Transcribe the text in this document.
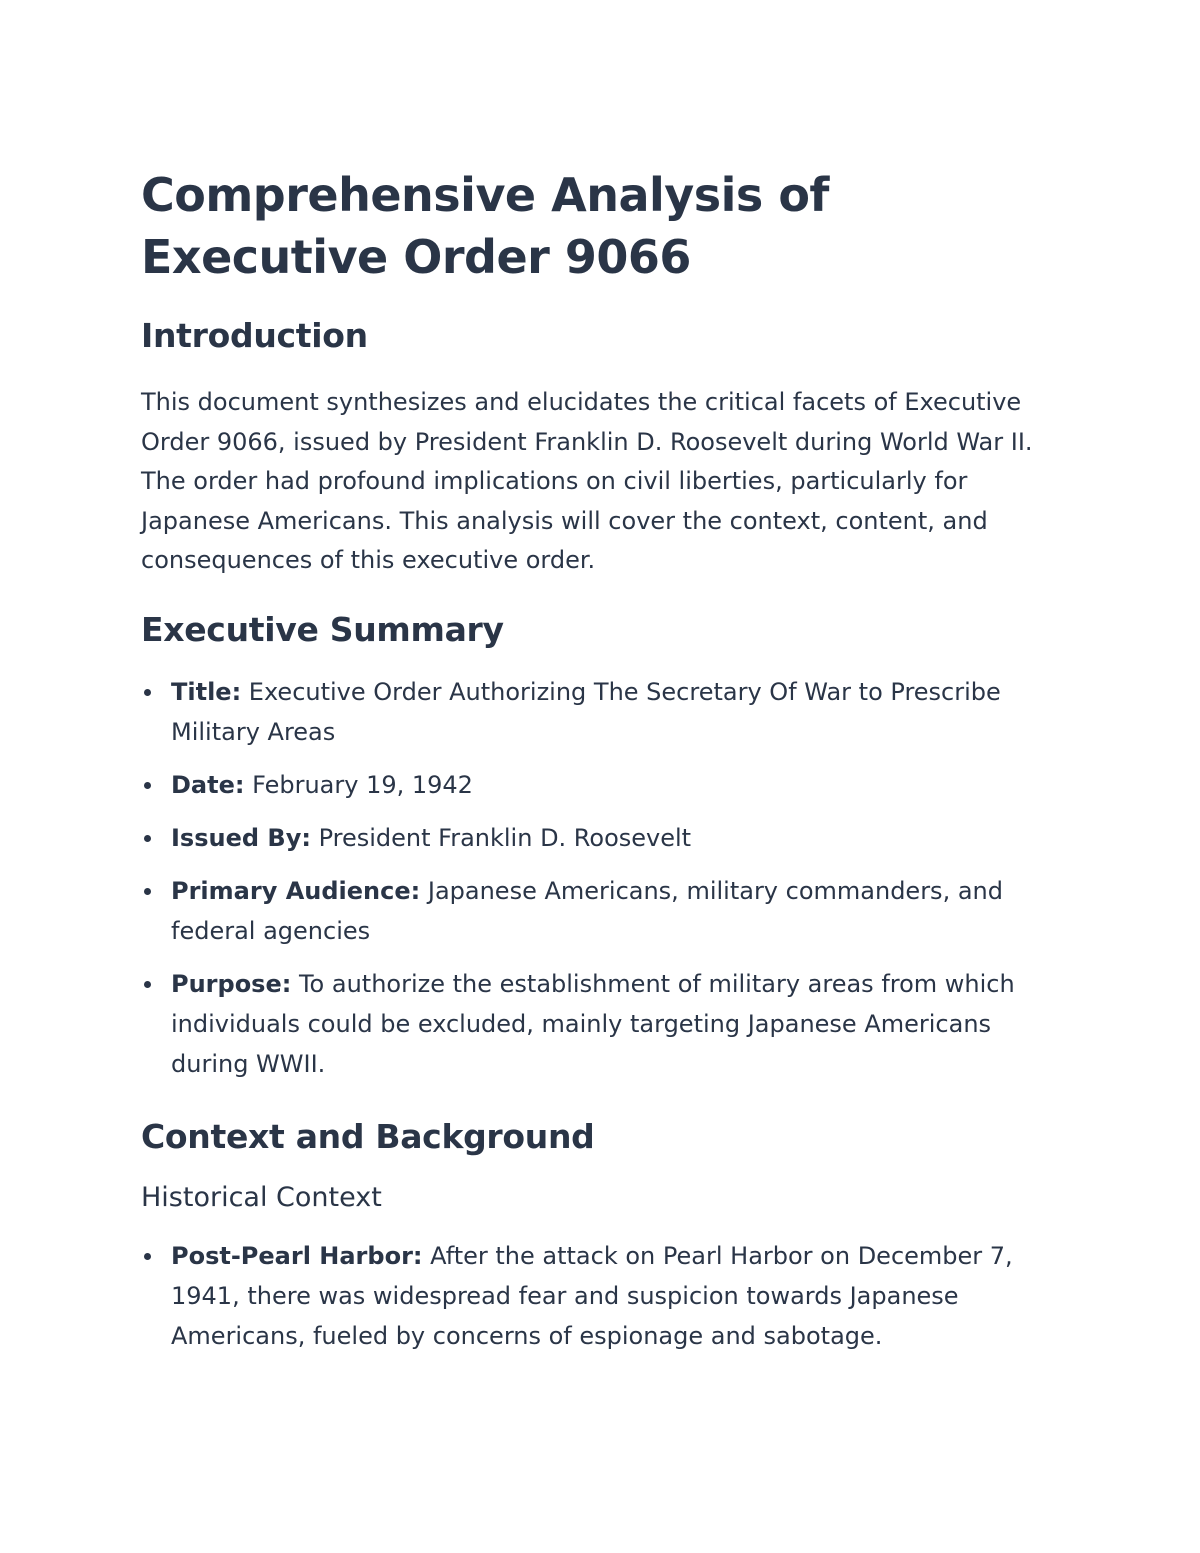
Comprehensive Analysis of Executive Order 9066
Introduction

This document synthesizes and elucidates the critical facets of Executive Order 9066, issued by President Franklin D. Roosevelt during World War II. The order had profound implications on civil liberties, particularly for Japanese Americans. This analysis will cover the context, content, and consequences of this executive order.

Executive Summary
Title: Executive Order Authorizing The Secretary Of War to Prescribe Military Areas
Date: February 19, 1942
Issued By: President Franklin D. Roosevelt
Primary Audience: Japanese Americans, military commanders, and federal agencies
Purpose: To authorize the establishment of military areas from which individuals could be excluded, mainly targeting Japanese Americans during WWII.
Context and Background
Historical Context
Post-Pearl Harbor: After the attack on Pearl Harbor on December 7, 1941, there was widespread fear and suspicion towards Japanese Americans, fueled by concerns of espionage and sabotage.
